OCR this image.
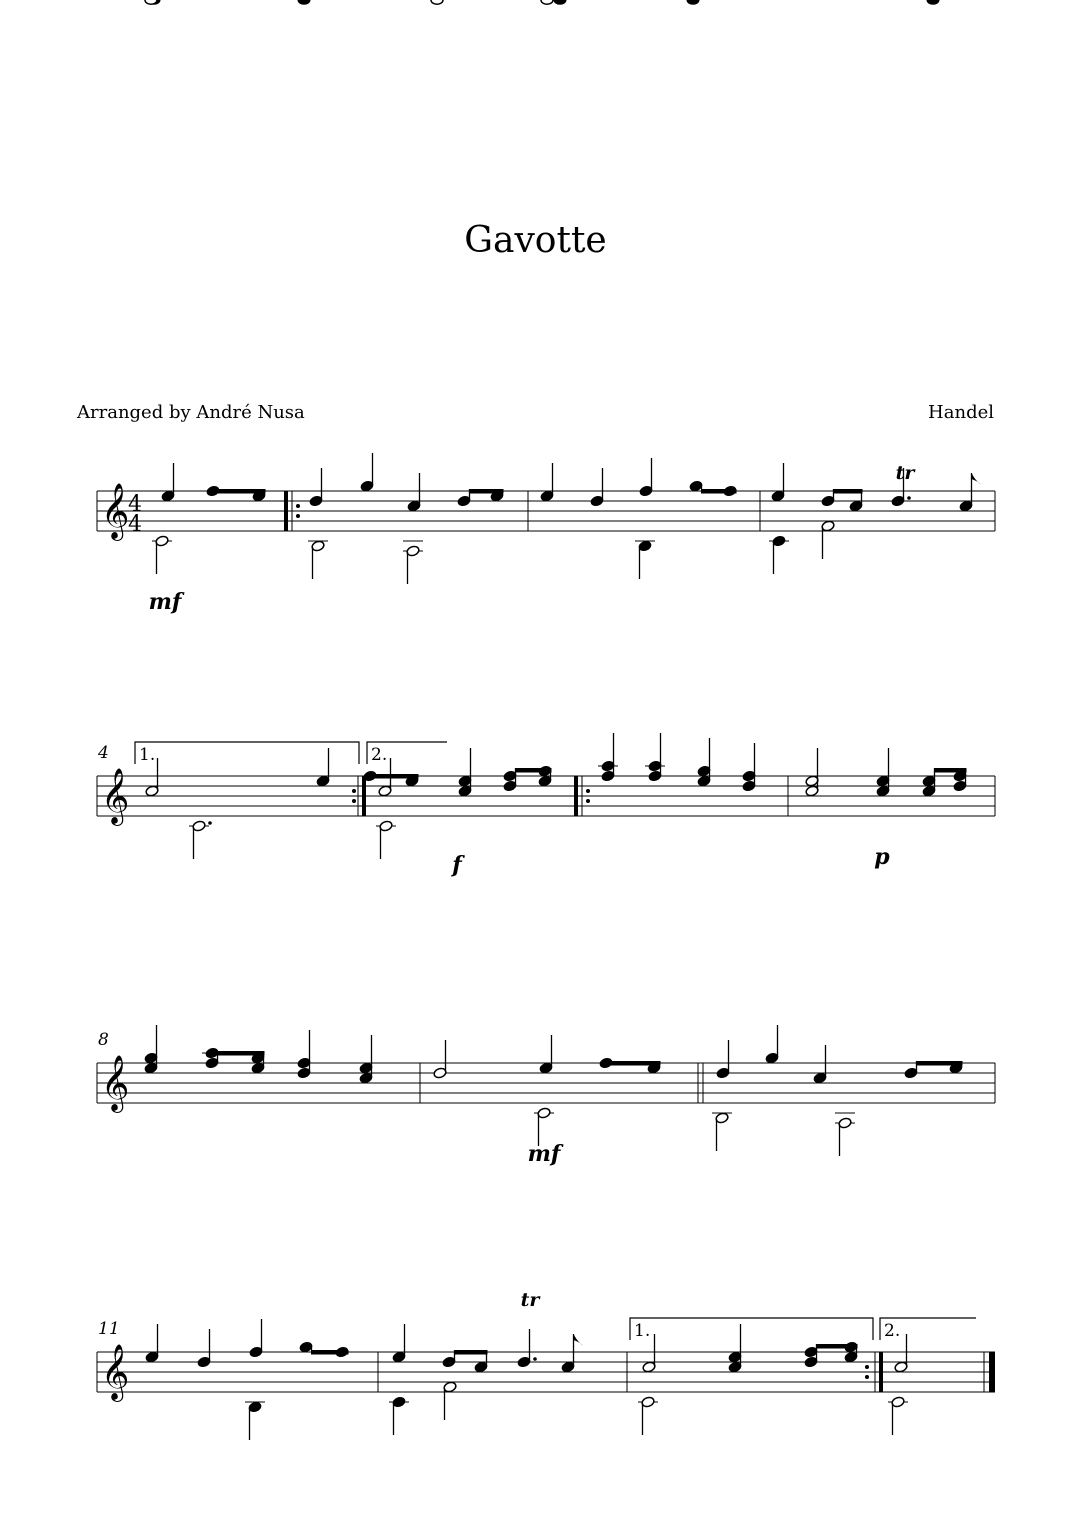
Gavotte
Arranged by André Nusa	Handel
𝄞
4
4
mf
tr
𝄞
4 1.	2.
f	p
𝄞
8
mf
𝄞
11
tr
1.	2.
